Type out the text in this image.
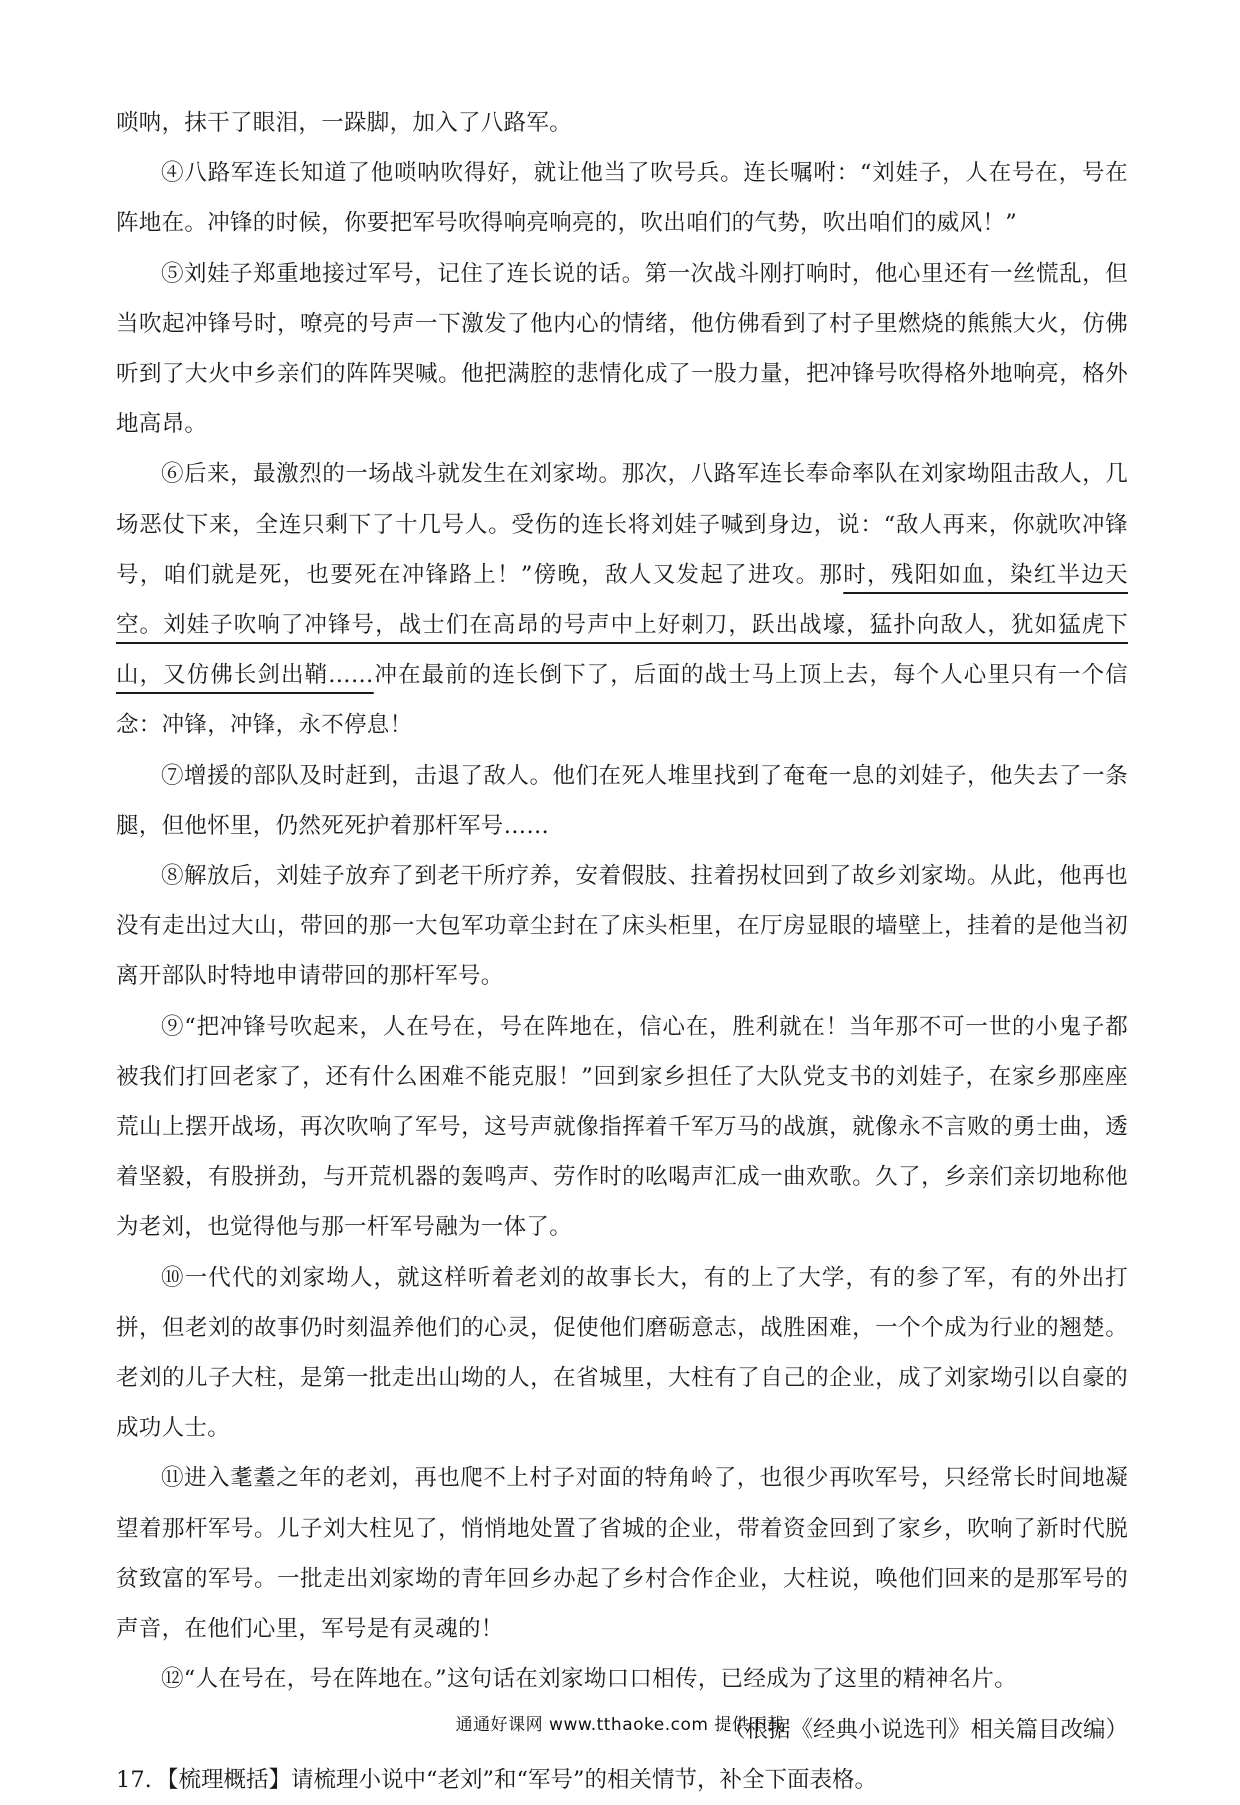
唢呐，抹干了眼泪，一跺脚，加入了八路军。

④八路军连长知道了他唢呐吹得好，就让他当了吹号兵。连长嘱咐：“刘娃子，人在号在，号在阵地在。冲锋的时候，你要把军号吹得响亮响亮的，吹出咱们的气势，吹出咱们的威风！”

⑤刘娃子郑重地接过军号，记住了连长说的话。第一次战斗刚打响时，他心里还有一丝慌乱，但当吹起冲锋号时，嘹亮的号声一下激发了他内心的情绪，他仿佛看到了村子里燃烧的熊熊大火，仿佛听到了大火中乡亲们的阵阵哭喊。他把满腔的悲情化成了一股力量，把冲锋号吹得格外地响亮，格外地高昂。

⑥后来，最激烈的一场战斗就发生在刘家坳。那次，八路军连长奉命率队在刘家坳阻击敌人，几场恶仗下来，全连只剩下了十几号人。受伤的连长将刘娃子喊到身边，说：“敌人再来，你就吹冲锋号，咱们就是死，也要死在冲锋路上！”傍晚，敌人又发起了进攻。那时，残阳如血，染红半边天空。刘娃子吹响了冲锋号，战士们在高昂的号声中上好刺刀，跃出战壕，猛扑向敌人，犹如猛虎下山，又仿佛长剑出鞘……冲在最前的连长倒下了，后面的战士马上顶上去，每个人心里只有一个信念：冲锋，冲锋，永不停息！

⑦增援的部队及时赶到，击退了敌人。他们在死人堆里找到了奄奄一息的刘娃子，他失去了一条腿，但他怀里，仍然死死护着那杆军号……

⑧解放后，刘娃子放弃了到老干所疗养，安着假肢、拄着拐杖回到了故乡刘家坳。从此，他再也没有走出过大山，带回的那一大包军功章尘封在了床头柜里，在厅房显眼的墙壁上，挂着的是他当初离开部队时特地申请带回的那杆军号。

⑨“把冲锋号吹起来，人在号在，号在阵地在，信心在，胜利就在！当年那不可一世的小鬼子都被我们打回老家了，还有什么困难不能克服！”回到家乡担任了大队党支书的刘娃子，在家乡那座座荒山上摆开战场，再次吹响了军号，这号声就像指挥着千军万马的战旗，就像永不言败的勇士曲，透着坚毅，有股拼劲，与开荒机器的轰鸣声、劳作时的吆喝声汇成一曲欢歌。久了，乡亲们亲切地称他为老刘，也觉得他与那一杆军号融为一体了。

⑩一代代的刘家坳人，就这样听着老刘的故事长大，有的上了大学，有的参了军，有的外出打拼，但老刘的故事仍时刻温养他们的心灵，促使他们磨砺意志，战胜困难，一个个成为行业的翘楚。老刘的儿子大柱，是第一批走出山坳的人，在省城里，大柱有了自己的企业，成了刘家坳引以自豪的成功人士。

⑪进入耄耋之年的老刘，再也爬不上村子对面的特角岭了，也很少再吹军号，只经常长时间地凝望着那杆军号。儿子刘大柱见了，悄悄地处置了省城的企业，带着资金回到了家乡，吹响了新时代脱贫致富的军号。一批走出刘家坳的青年回乡办起了乡村合作企业，大柱说，唤他们回来的是那军号的声音，在他们心里，军号是有灵魂的！

⑫“人在号在，号在阵地在。”这句话在刘家坳口口相传，已经成为了这里的精神名片。

（根据《经典小说选刊》相关篇目改编）

17. 【梳理概括】请梳理小说中“老刘”和“军号”的相关情节，补全下面表格。

通通好课网 www.tthaoke.com 提供下载
